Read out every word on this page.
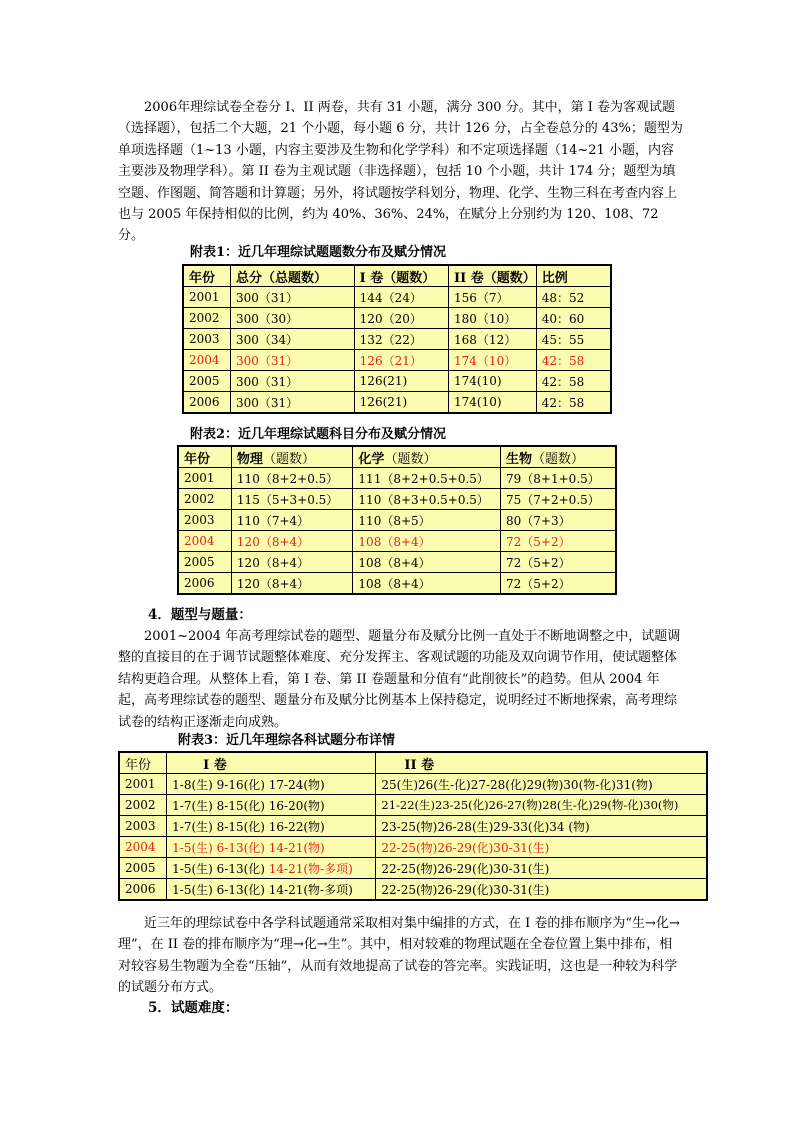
2006年理综试卷全卷分 I、II 两卷，共有 31 小题，满分 300 分。其中，第 I 卷为客观试题（选择题），包括二个大题，21 个小题，每小题 6 分，共计 126 分，占全卷总分的 43%；题型为单项选择题（1~13 小题，内容主要涉及生物和化学学科）和不定项选择题（14~21 小题，内容主要涉及物理学科）。第 II 卷为主观试题（非选择题），包括 10 个小题，共计 174 分；题型为填空题、作图题、简答题和计算题；另外，将试题按学科划分，物理、化学、生物三科在考查内容上也与 2005 年保持相似的比例，约为 40%、36%、24%，在赋分上分别约为 120、108、72 分。

附表1：近几年理综试题题数分布及赋分情况
年份	总分（总题数）	I 卷（题数）	II 卷（题数）	比例
2001	300（31）	144（24）	156（7）	48：52
2002	300（30）	120（20）	180（10）	40：60
2003	300（34）	132（22）	168（12）	45：55
2004	300（31）	126（21）	174（10）	42：58
2005	300（31）	126(21)	174(10)	42：58
2006	300（31）	126(21)	174(10)	42：58
附表2：近几年理综试题科目分布及赋分情况
年份	物理（题数）	化学（题数）	生物（题数）
2001	110（8+2+0.5）	111（8+2+0.5+0.5）	79（8+1+0.5）
2002	115（5+3+0.5）	110（8+3+0.5+0.5）	75（7+2+0.5）
2003	110（7+4）	110（8+5）	80（7+3）
2004	120（8+4）	108（8+4）	72（5+2）
2005	120（8+4）	108（8+4）	72（5+2）
2006	120（8+4）	108（8+4）	72（5+2）
4．题型与题量：

2001~2004 年高考理综试卷的题型、题量分布及赋分比例一直处于不断地调整之中，试题调整的直接目的在于调节试题整体难度、充分发挥主、客观试题的功能及双向调节作用，使试题整体结构更趋合理。从整体上看，第 I 卷、第 II 卷题量和分值有“此削彼长”的趋势。但从 2004 年起，高考理综试卷的题型、题量分布及赋分比例基本上保持稳定，说明经过不断地探索，高考理综试卷的结构正逐渐走向成熟。

附表3：近几年理综各科试题分布详情
年份	I 卷	II 卷
2001	1-8(生) 9-16(化) 17-24(物)	25(生)26(生-化)27-28(化)29(物)30(物-化)31(物)
2002	1-7(生) 8-15(化) 16-20(物)	21-22(生)23-25(化)26-27(物)28(生-化)29(物-化)30(物)
2003	1-7(生) 8-15(化) 16-22(物)	23-25(物)26-28(生)29-33(化)34 (物)
2004	1-5(生) 6-13(化) 14-21(物)	22-25(物)26-29(化)30-31(生)
2005	1-5(生) 6-13(化) 14-21(物-多项)	22-25(物)26-29(化)30-31(生)
2006	1-5(生) 6-13(化) 14-21(物-多项)	22-25(物)26-29(化)30-31(生)

近三年的理综试卷中各学科试题通常采取相对集中编排的方式，在 I 卷的排布顺序为“生→化→理”，在 II 卷的排布顺序为“理→化→生”。其中，相对较难的物理试题在全卷位置上集中排布，相对较容易生物题为全卷“压轴”，从而有效地提高了试卷的答完率。实践证明，这也是一种较为科学的试题分布方式。

5．试题难度：
